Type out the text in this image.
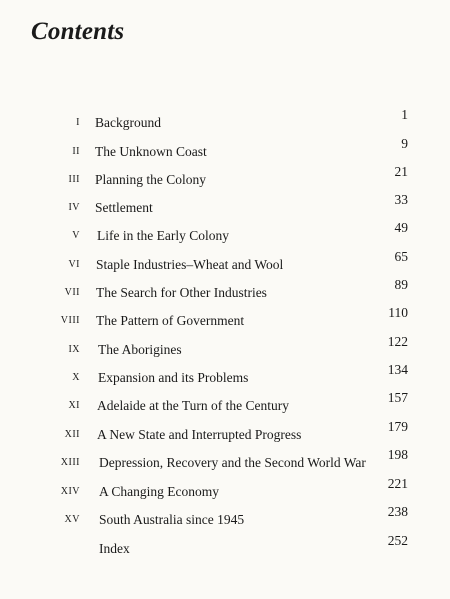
Contents
I Background
1
II The Unknown Coast
9
III Planning the Colony
21
IV Settlement
33
V Life in the Early Colony
49
VI Staple Industries–Wheat and Wool
65
VII The Search for Other Industries
89
VIII The Pattern of Government
110
IX The Aborigines
122
X Expansion and its Problems
134
XI Adelaide at the Turn of the Century
157
XII A New State and Interrupted Progress
179
XIII Depression, Recovery and the Second World War
198
XIV A Changing Economy
221
XV South Australia since 1945
238
Index
252
